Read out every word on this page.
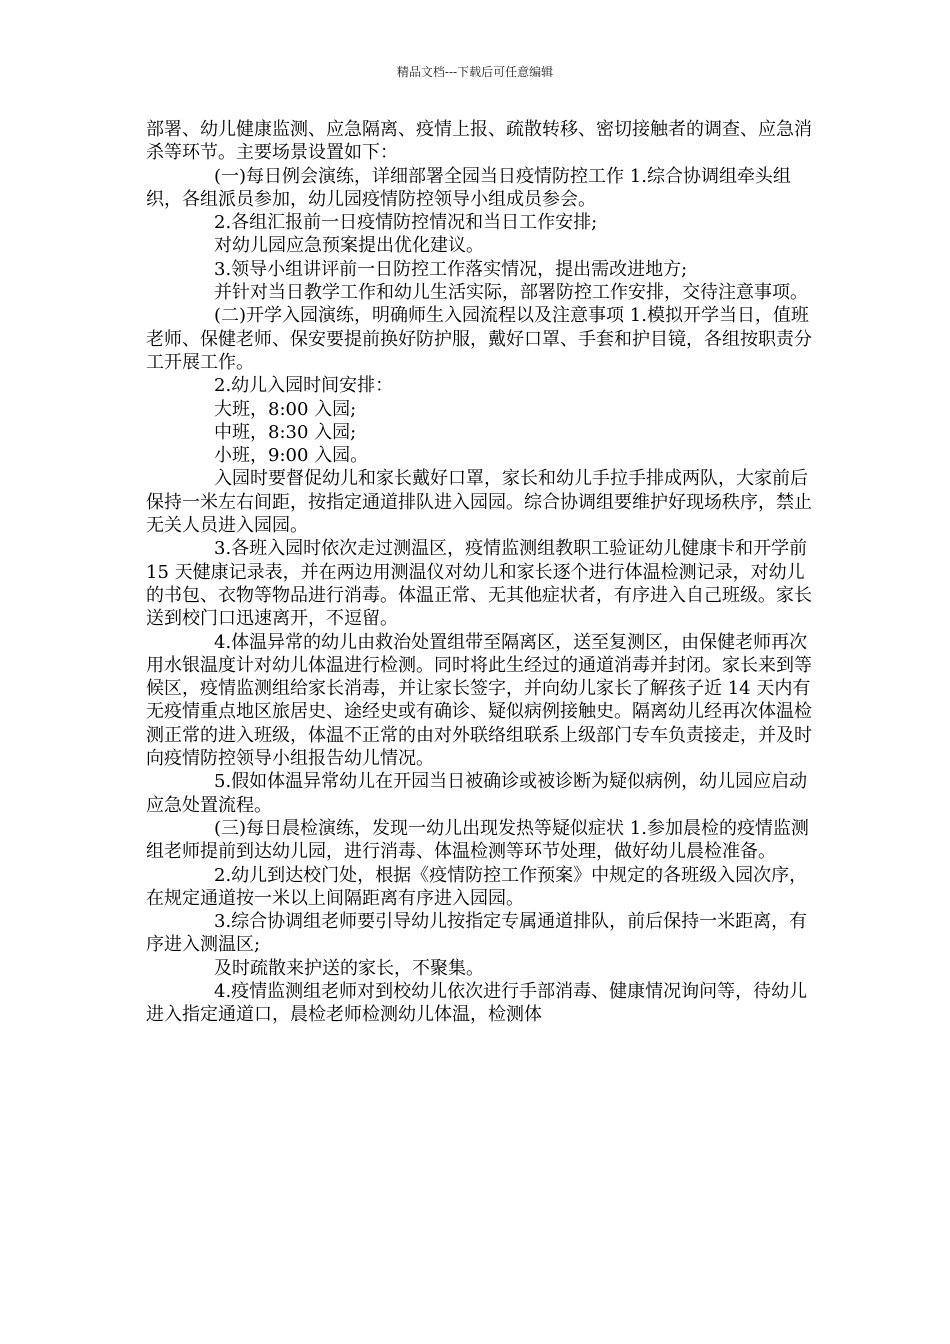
精品文档---下载后可任意编辑

部署、幼儿健康监测、应急隔离、疫情上报、疏散转移、密切接触者的调查、应急消杀等环节。主要场景设置如下：

(一)每日例会演练，详细部署全园当日疫情防控工作 1.综合协调组牵头组织，各组派员参加，幼儿园疫情防控领导小组成员参会。

2.各组汇报前一日疫情防控情况和当日工作安排;

对幼儿园应急预案提出优化建议。

3.领导小组讲评前一日防控工作落实情况，提出需改进地方;

并针对当日教学工作和幼儿生活实际，部署防控工作安排，交待注意事项。

(二)开学入园演练，明确师生入园流程以及注意事项 1.模拟开学当日，值班老师、保健老师、保安要提前换好防护服，戴好口罩、手套和护目镜，各组按职责分工开展工作。

2.幼儿入园时间安排：

大班，8:00 入园;

中班，8:30 入园;

小班，9:00 入园。

入园时要督促幼儿和家长戴好口罩，家长和幼儿手拉手排成两队，大家前后保持一米左右间距，按指定通道排队进入园园。综合协调组要维护好现场秩序，禁止无关人员进入园园。

3.各班入园时依次走过测温区，疫情监测组教职工验证幼儿健康卡和开学前 15 天健康记录表，并在两边用测温仪对幼儿和家长逐个进行体温检测记录，对幼儿的书包、衣物等物品进行消毒。体温正常、无其他症状者，有序进入自己班级。家长送到校门口迅速离开，不逗留。

4.体温异常的幼儿由救治处置组带至隔离区，送至复测区，由保健老师再次用水银温度计对幼儿体温进行检测。同时将此生经过的通道消毒并封闭。家长来到等候区，疫情监测组给家长消毒，并让家长签字，并向幼儿家长了解孩子近 14 天内有无疫情重点地区旅居史、途经史或有确诊、疑似病例接触史。隔离幼儿经再次体温检测正常的进入班级，体温不正常的由对外联络组联系上级部门专车负责接走，并及时向疫情防控领导小组报告幼儿情况。

5.假如体温异常幼儿在开园当日被确诊或被诊断为疑似病例，幼儿园应启动应急处置流程。

(三)每日晨检演练，发现一幼儿出现发热等疑似症状 1.参加晨检的疫情监测组老师提前到达幼儿园，进行消毒、体温检测等环节处理，做好幼儿晨检准备。

2.幼儿到达校门处，根据《疫情防控工作预案》中规定的各班级入园次序，在规定通道按一米以上间隔距离有序进入园园。

3.综合协调组老师要引导幼儿按指定专属通道排队，前后保持一米距离，有序进入测温区;

及时疏散来护送的家长，不聚集。

4.疫情监测组老师对到校幼儿依次进行手部消毒、健康情况询问等，待幼儿进入指定通道口，晨检老师检测幼儿体温，检测体
